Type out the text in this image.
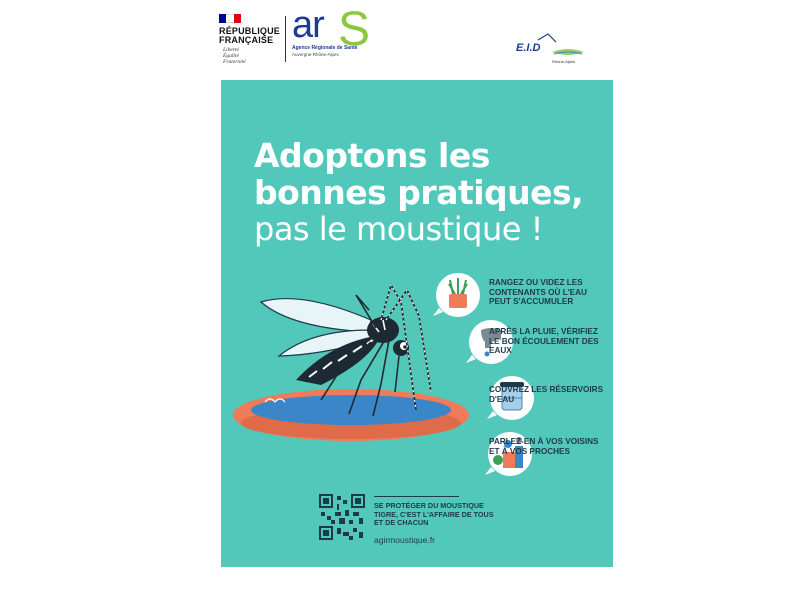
RÉPUBLIQUE
FRANÇAISE
Liberté
Égalité
Fraternité
ar S
Agence Régionale de Santé
Auvergne-Rhône-Alpes
E.I.D
Rhône-Alpes
Adoptons les
bonnes pratiques,
pas le moustique !
RANGEZ OU VIDEZ LES CONTENANTS OÙ L'EAU PEUT S'ACCUMULER
APRÈS LA PLUIE, VÉRIFIEZ LE BON ÉCOULEMENT DES EAUX
COUVREZ LES RÉSERVOIRS D'EAU
PARLEZ-EN À VOS VOISINS ET À VOS PROCHES
SE PROTÉGER DU MOUSTIQUE TIGRE, C'EST L'AFFAIRE DE TOUS ET DE CHACUN
agirmoustique.fr
